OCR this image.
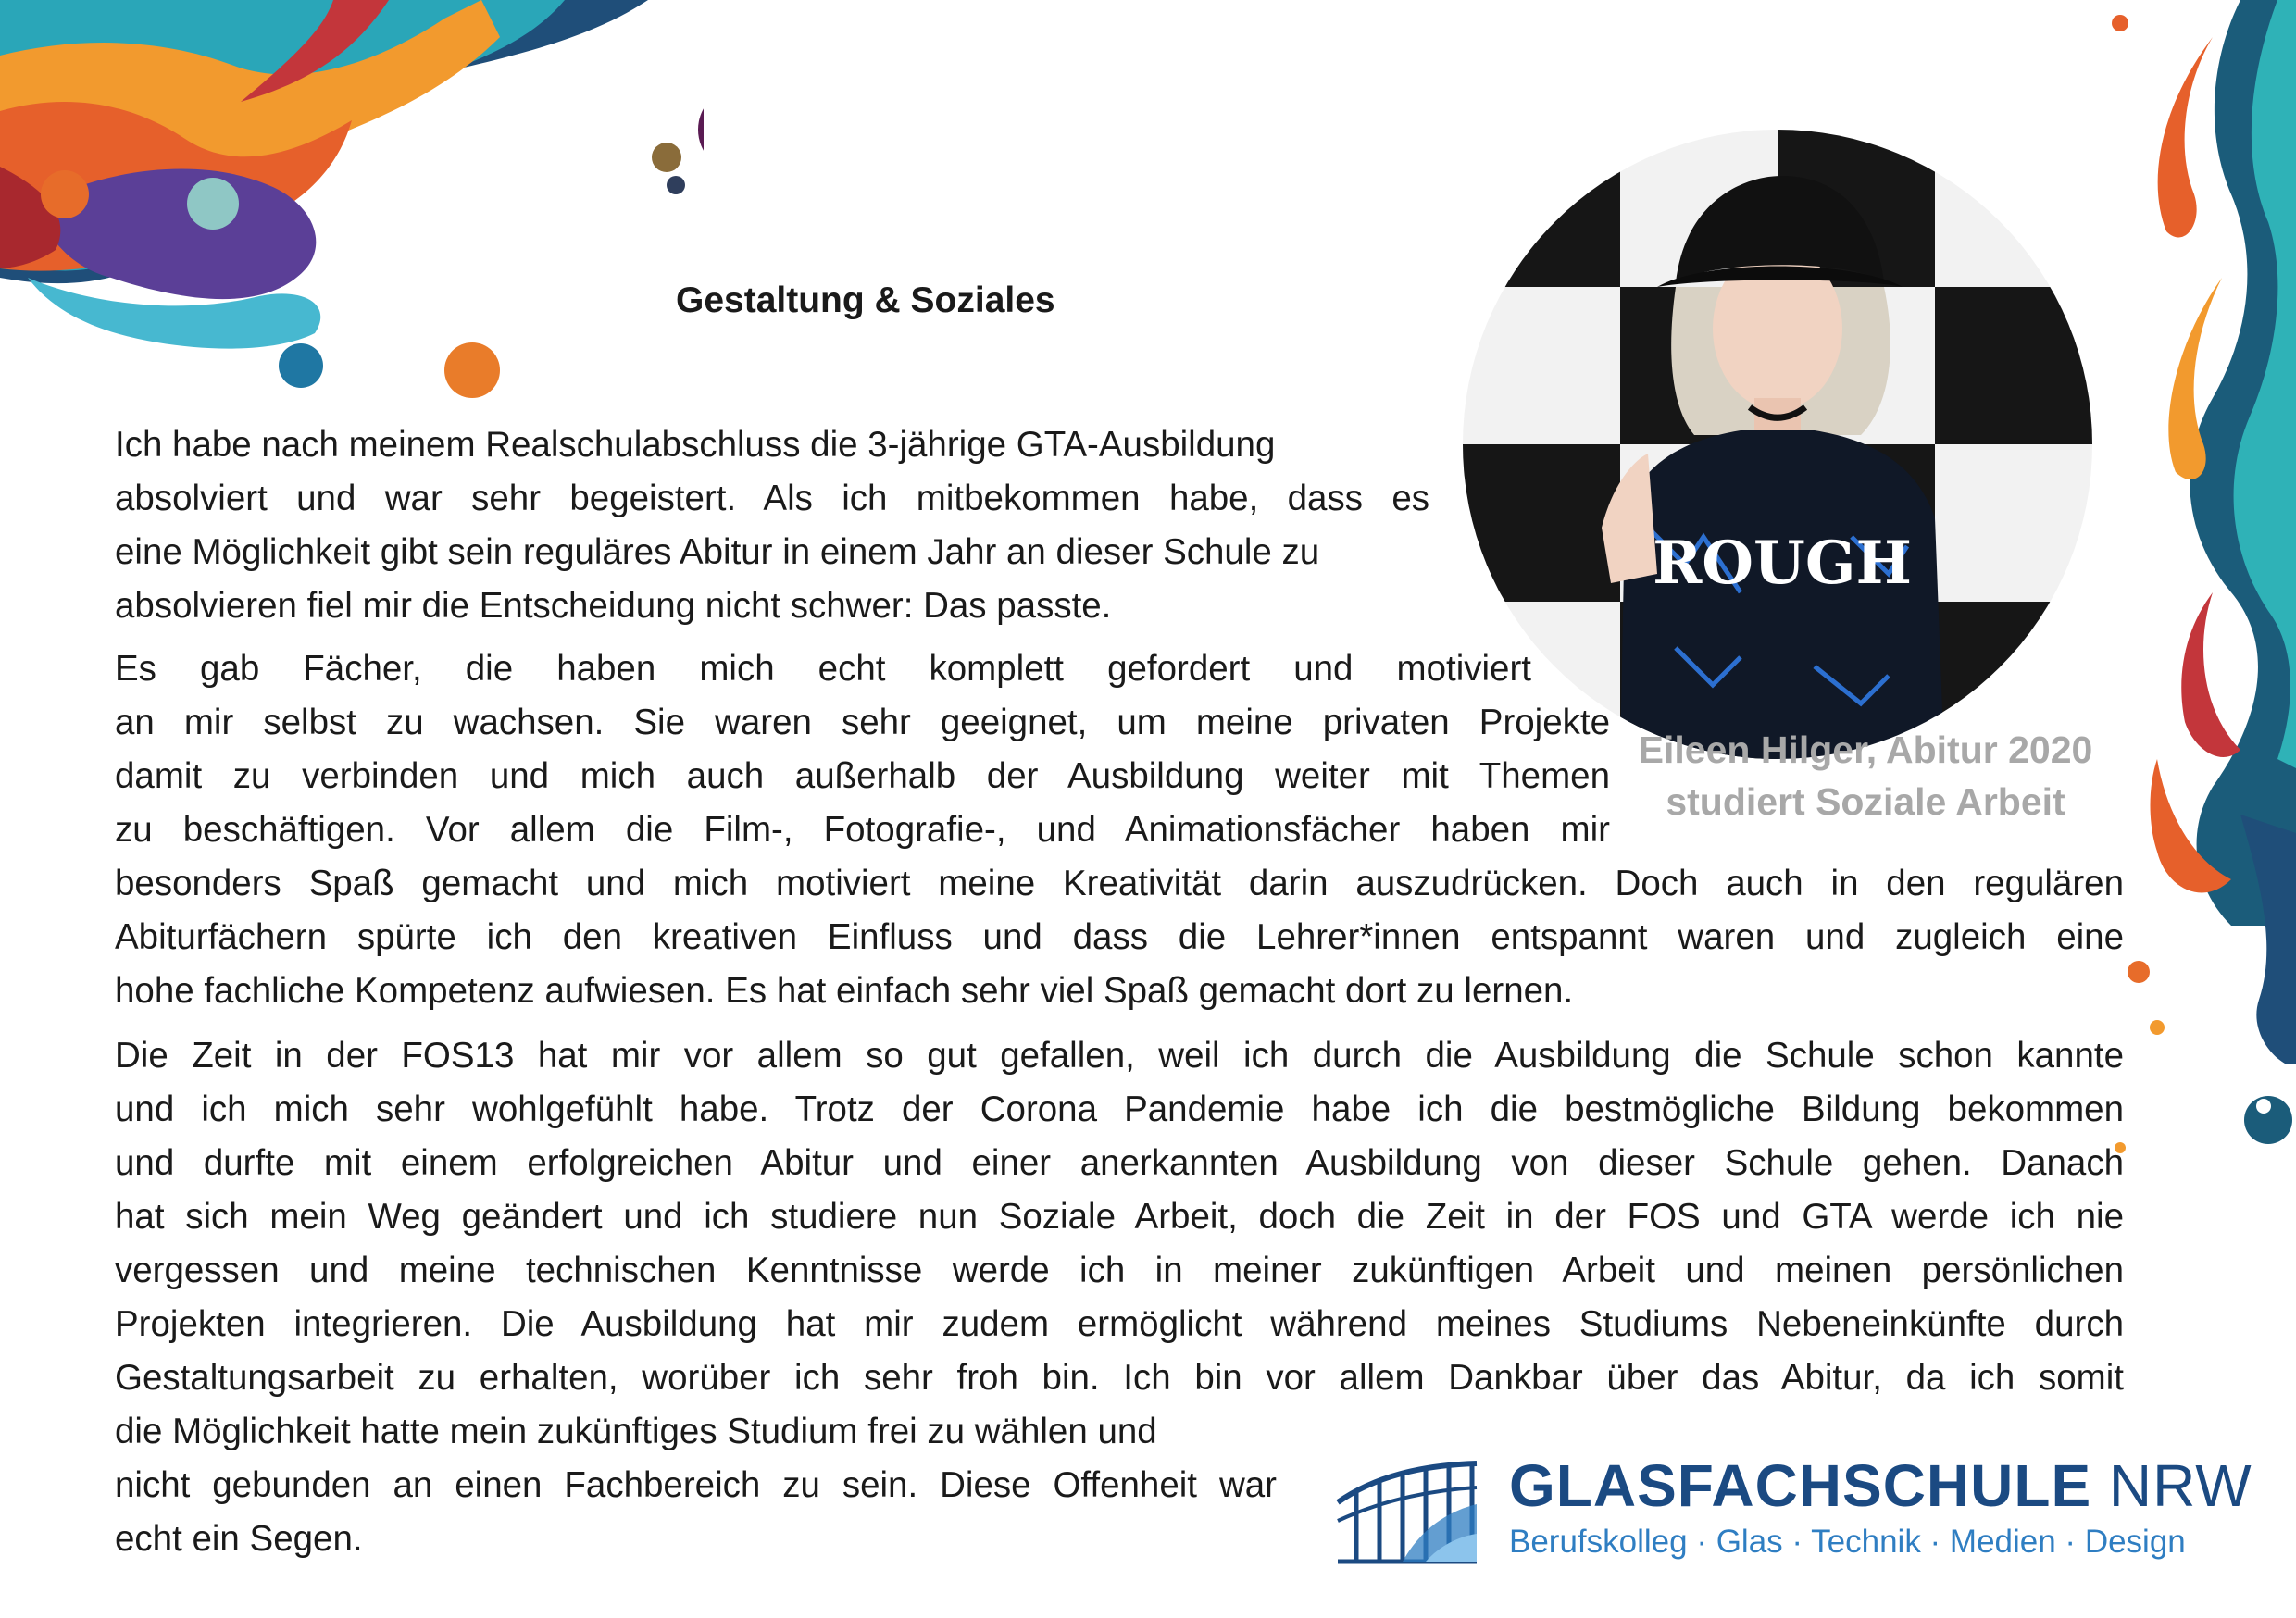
Gestaltung & Soziales
Ich habe nach meinem Realschulabschluss die 3-jährige GTA-Ausbildung
absolviert und war sehr begeistert. Als ich mitbekommen habe, dass es
eine Möglichkeit gibt sein reguläres Abitur in einem Jahr an dieser Schule zu
absolvieren fiel mir die Entscheidung nicht schwer: Das passte.
Es gab Fächer, die haben mich echt komplett gefordert und motiviert
an mir selbst zu wachsen. Sie waren sehr geeignet, um meine privaten Projekte
damit zu verbinden und mich auch außerhalb der Ausbildung weiter mit Themen
zu beschäftigen. Vor allem die Film-, Fotografie-, und Animationsfächer haben mir
besonders Spaß gemacht und mich motiviert meine Kreativität darin auszudrücken. Doch auch in den regulären
Abiturfächern spürte ich den kreativen Einfluss und dass die Lehrer*innen entspannt waren und zugleich eine
hohe fachliche Kompetenz aufwiesen. Es hat einfach sehr viel Spaß gemacht dort zu lernen.
Die Zeit in der FOS13 hat mir vor allem so gut gefallen, weil ich durch die Ausbildung die Schule schon kannte
und ich mich sehr wohlgefühlt habe. Trotz der Corona Pandemie habe ich die bestmögliche Bildung bekommen
und durfte mit einem erfolgreichen Abitur und einer anerkannten Ausbildung von dieser Schule gehen. Danach
hat sich mein Weg geändert und ich studiere nun Soziale Arbeit, doch die Zeit in der FOS und GTA werde ich nie
vergessen und meine technischen Kenntnisse werde ich in meiner zukünftigen Arbeit und meinen persönlichen
Projekten integrieren. Die Ausbildung hat mir zudem ermöglicht während meines Studiums Nebeneinkünfte durch
Gestaltungsarbeit zu erhalten, worüber ich sehr froh bin. Ich bin vor allem Dankbar über das Abitur, da ich somit
die Möglichkeit hatte mein zukünftiges Studium frei zu wählen und
nicht gebunden an einen Fachbereich zu sein. Diese Offenheit war
echt ein Segen.
ROUGH
Eileen Hilger, Abitur 2020
studiert Soziale Arbeit
GLASFACHSCHULE NRW
Berufskolleg · Glas · Technik · Medien · Design
